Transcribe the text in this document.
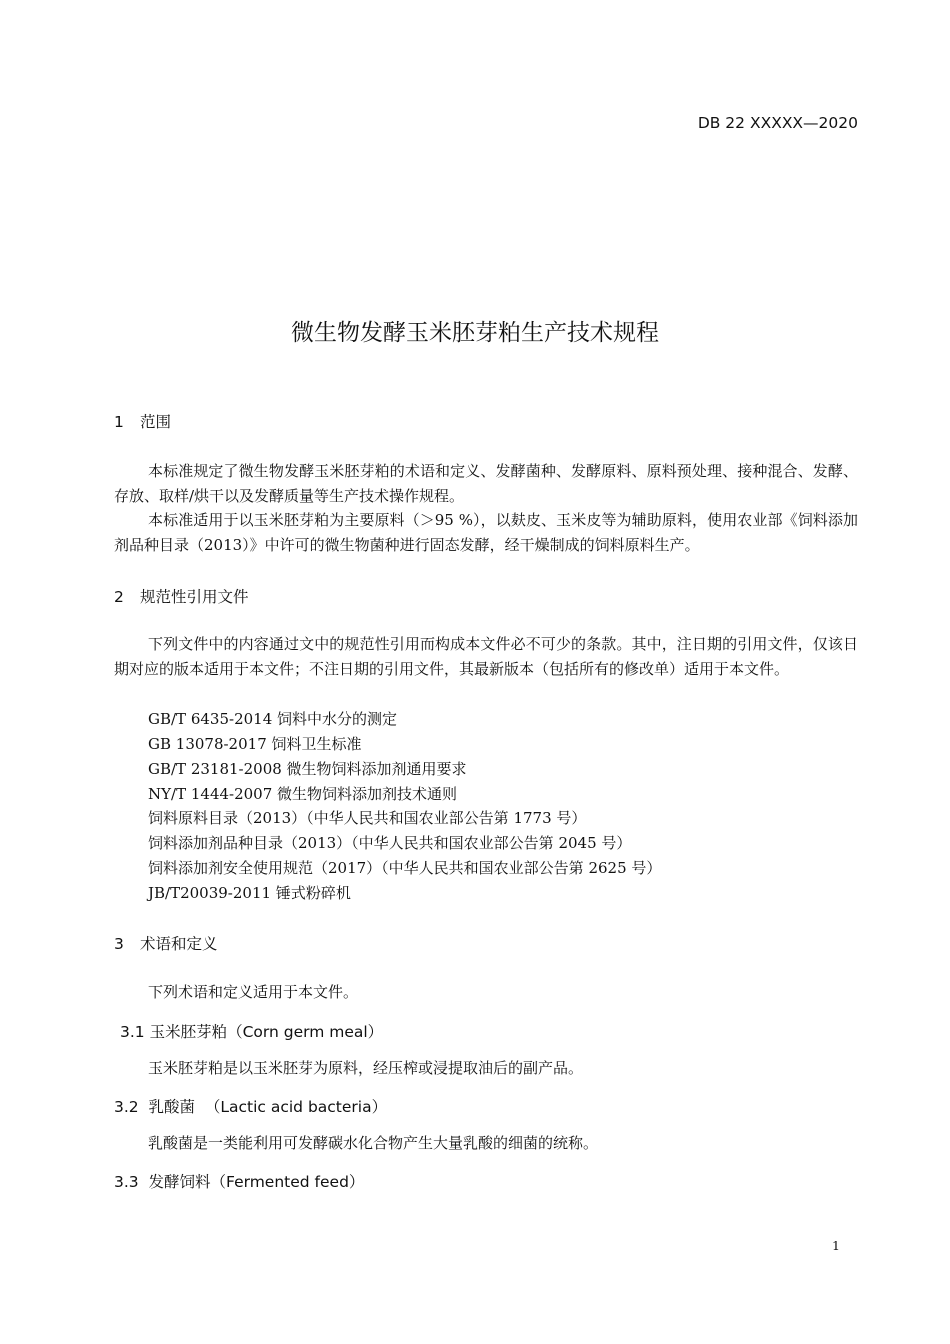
DB 22 XXXXX—2020
微生物发酵玉米胚芽粕生产技术规程
1 范围
本标准规定了微生物发酵玉米胚芽粕的术语和定义、发酵菌种、发酵原料、原料预处理、接种混合、发酵、存放、取样/烘干以及发酵质量等生产技术操作规程。
本标准适用于以玉米胚芽粕为主要原料（＞95 %），以麸皮、玉米皮等为辅助原料，使用农业部《饲料添加剂品种目录（2013）》中许可的微生物菌种进行固态发酵，经干燥制成的饲料原料生产。
2 规范性引用文件
下列文件中的内容通过文中的规范性引用而构成本文件必不可少的条款。其中，注日期的引用文件，仅该日期对应的版本适用于本文件；不注日期的引用文件，其最新版本（包括所有的修改单）适用于本文件。
GB/T 6435-2014 饲料中水分的测定
GB 13078-2017 饲料卫生标准
GB/T 23181-2008 微生物饲料添加剂通用要求
NY/T 1444-2007 微生物饲料添加剂技术通则
饲料原料目录（2013）（中华人民共和国农业部公告第 1773 号）
饲料添加剂品种目录（2013）（中华人民共和国农业部公告第 2045 号）
饲料添加剂安全使用规范（2017）（中华人民共和国农业部公告第 2625 号）
JB/T20039-2011 锤式粉碎机
3 术语和定义
下列术语和定义适用于本文件。
3.1 玉米胚芽粕（Corn germ meal）
玉米胚芽粕是以玉米胚芽为原料，经压榨或浸提取油后的副产品。
3.2  乳酸菌  （Lactic acid bacteria）
乳酸菌是一类能利用可发酵碳水化合物产生大量乳酸的细菌的统称。
3.3  发酵饲料（Fermented feed）
1
